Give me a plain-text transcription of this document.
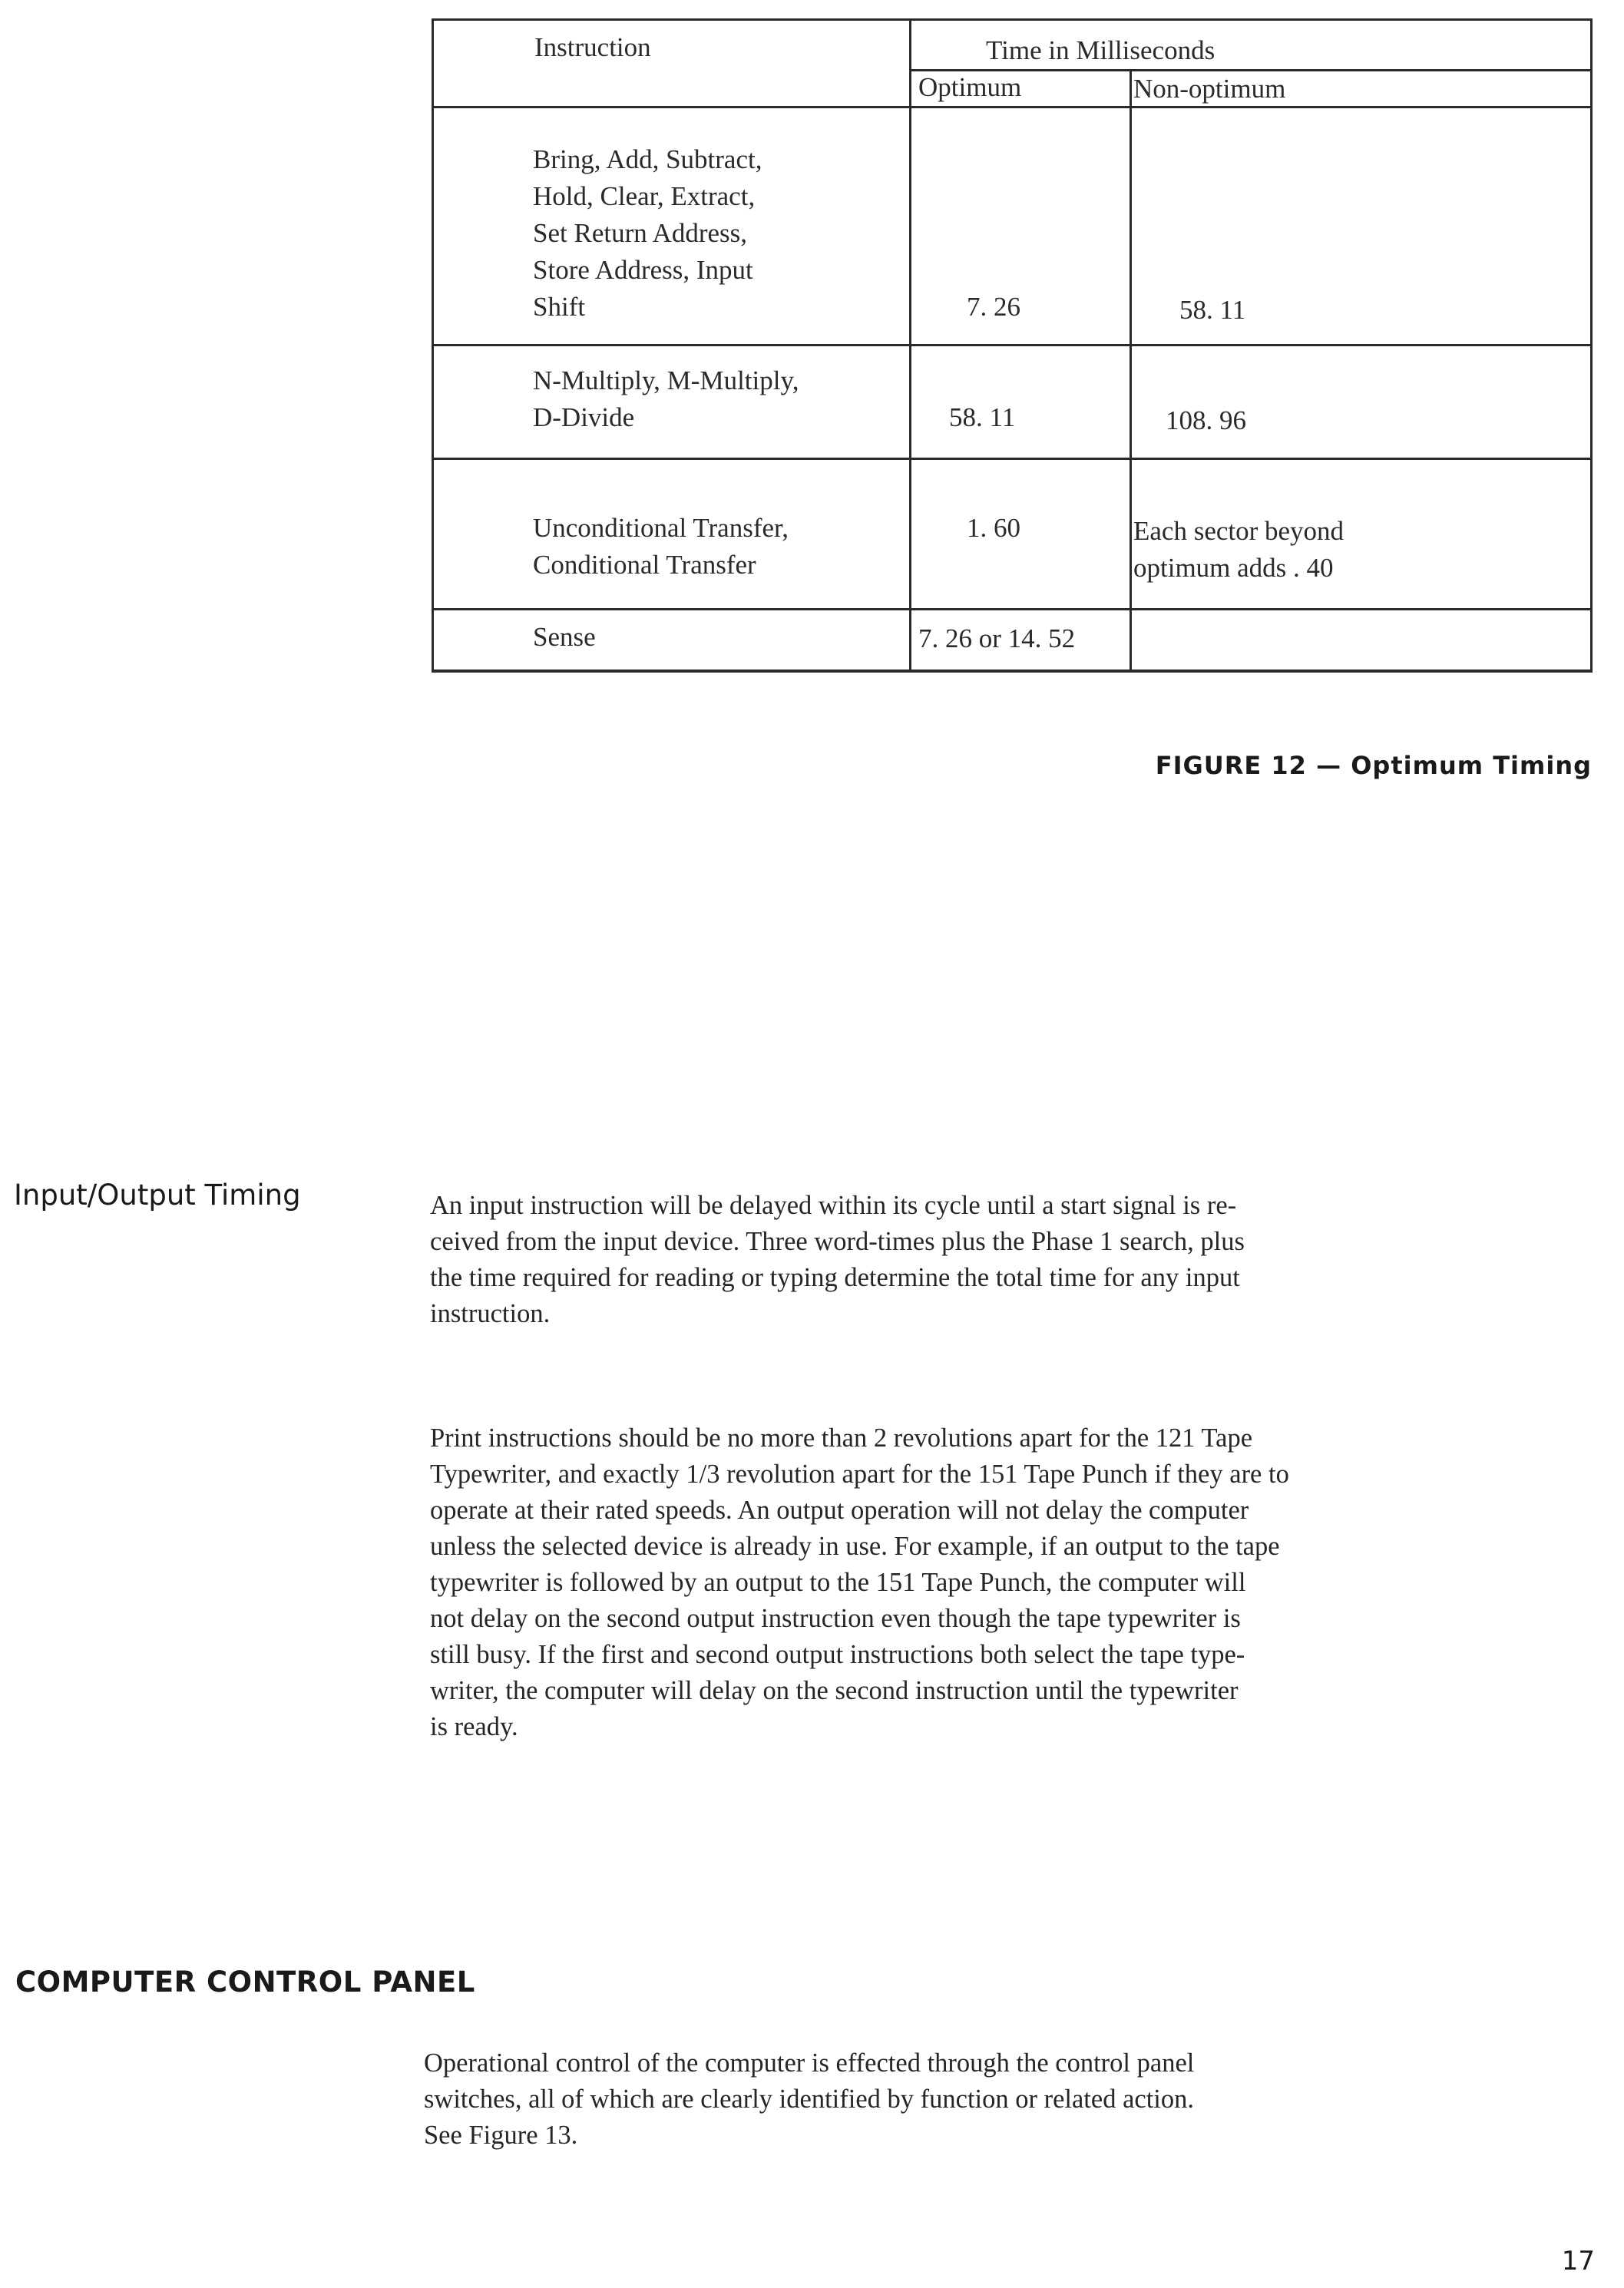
Instruction	Time in Milliseconds
Optimum	Non-optimum
Bring, Add, Subtract,
Hold, Clear, Extract,
Set Return Address,
Store Address, Input
Shift	7. 26	58. 11
N-Multiply, M-Multiply,
D-Divide	58. 11	108. 96
Unconditional Transfer,
Conditional Transfer
1. 60	Each sector beyond
optimum adds . 40
Sense	7. 26 or 14. 52
FIGURE 12 — Optimum Timing
Input/Output Timing	An input instruction will be delayed within its cycle until a start signal is re-
ceived from the input device. Three word-times plus the Phase 1 search, plus
the time required for reading or typing determine the total time for any input
instruction.
Print instructions should be no more than 2 revolutions apart for the 121 Tape
Typewriter, and exactly 1/3 revolution apart for the 151 Tape Punch if they are to
operate at their rated speeds. An output operation will not delay the computer
unless the selected device is already in use. For example, if an output to the tape
typewriter is followed by an output to the 151 Tape Punch, the computer will
not delay on the second output instruction even though the tape typewriter is
still busy. If the first and second output instructions both select the tape type-
writer, the computer will delay on the second instruction until the typewriter
is ready.
COMPUTER CONTROL PANEL
Operational control of the computer is effected through the control panel
switches, all of which are clearly identified by function or related action.
See Figure 13.
17
